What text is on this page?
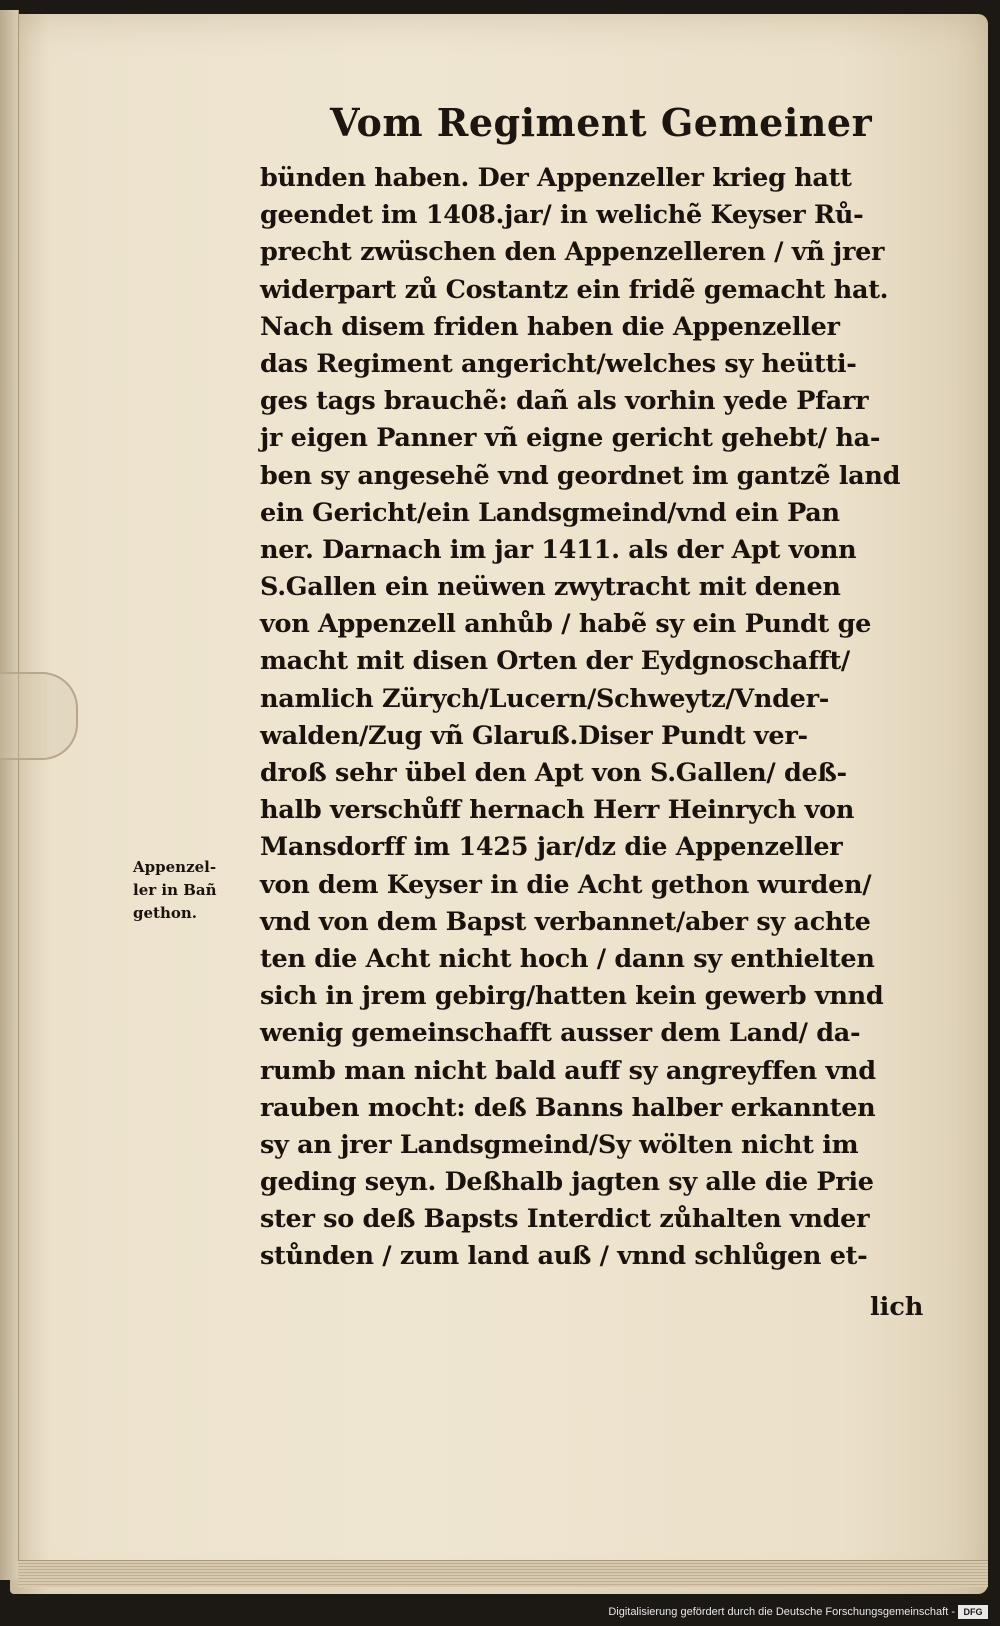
Vom Regiment Gemeiner
bünden haben. Der Appenzeller krieg hatt
geendet im 1408.jar/ in welichẽ Keyser Rů-
precht zwüschen den Appenzelleren / vñ jrer
widerpart zů Costantz ein fridẽ gemacht hat.
Nach disem friden haben die Appenzeller
das Regiment angericht/welches sy heütti-
ges tags brauchẽ: dañ als vorhin yede Pfarr
jr eigen Panner vñ eigne gericht gehebt/ ha-
ben sy angesehẽ vnd geordnet im gantzẽ land
ein Gericht/ein Landsgmeind/vnd ein Pan
ner. Darnach im jar 1411. als der Apt vonn
S.Gallen ein neüwen zwytracht mit denen
von Appenzell anhůb / habẽ sy ein Pundt ge
macht mit disen Orten der Eydgnoschafft/
namlich Zürych/Lucern/Schweytz/Vnder-
walden/Zug vñ Glaruß.Diser Pundt ver-
droß sehr übel den Apt von S.Gallen/ deß-
halb verschůff hernach Herr Heinrych von
Mansdorff im 1425 jar/dz die Appenzeller
von dem Keyser in die Acht gethon wurden/
vnd von dem Bapst verbannet/aber sy achte
ten die Acht nicht hoch / dann sy enthielten
sich in jrem gebirg/hatten kein gewerb vnnd
wenig gemeinschafft ausser dem Land/ da-
rumb man nicht bald auff sy angreyffen vnd
rauben mocht: deß Banns halber erkannten
sy an jrer Landsgmeind/Sy wölten nicht im
geding seyn. Deßhalb jagten sy alle die Prie
ster so deß Bapsts Interdict zůhalten vnder
stůnden / zum land auß / vnnd schlůgen et-
lich
Appenzel-
ler in Bañ
gethon.
Digitalisierung gefördert durch die Deutsche Forschungsgemeinschaft - DFG
